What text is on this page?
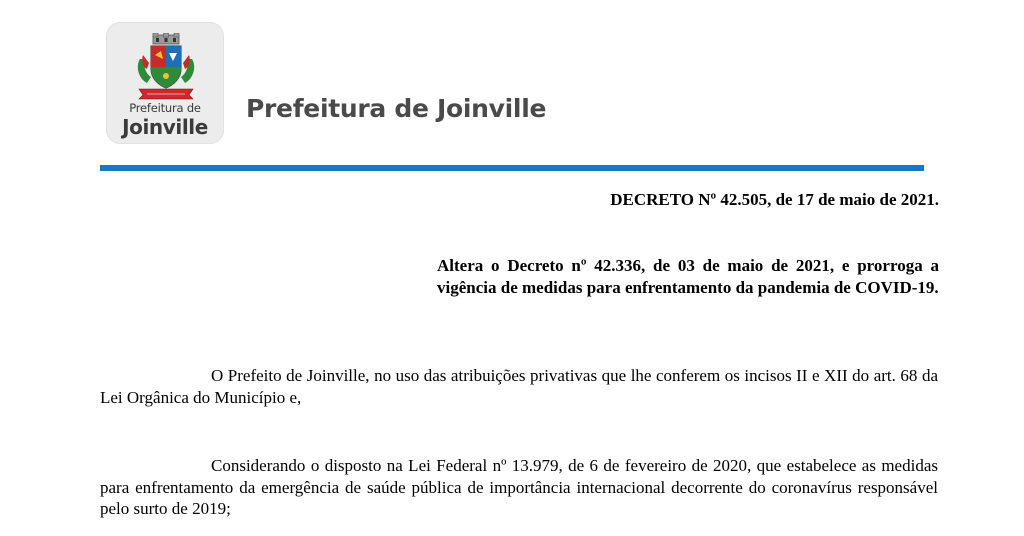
Prefeitura de
Joinville
Prefeitura de Joinville
DECRETO Nº 42.505, de 17 de maio de 2021.
Altera o Decreto nº 42.336, de 03 de maio de 2021, e prorroga a vigência de medidas para enfrentamento da pandemia de COVID-19.
O Prefeito de Joinville, no uso das atribuições privativas que lhe conferem os incisos II e XII do art. 68 da Lei Orgânica do Município e,
Considerando o disposto na Lei Federal nº 13.979, de 6 de fevereiro de 2020, que estabelece as medidas para enfrentamento da emergência de saúde pública de importância internacional decorrente do coronavírus responsável pelo surto de 2019;
